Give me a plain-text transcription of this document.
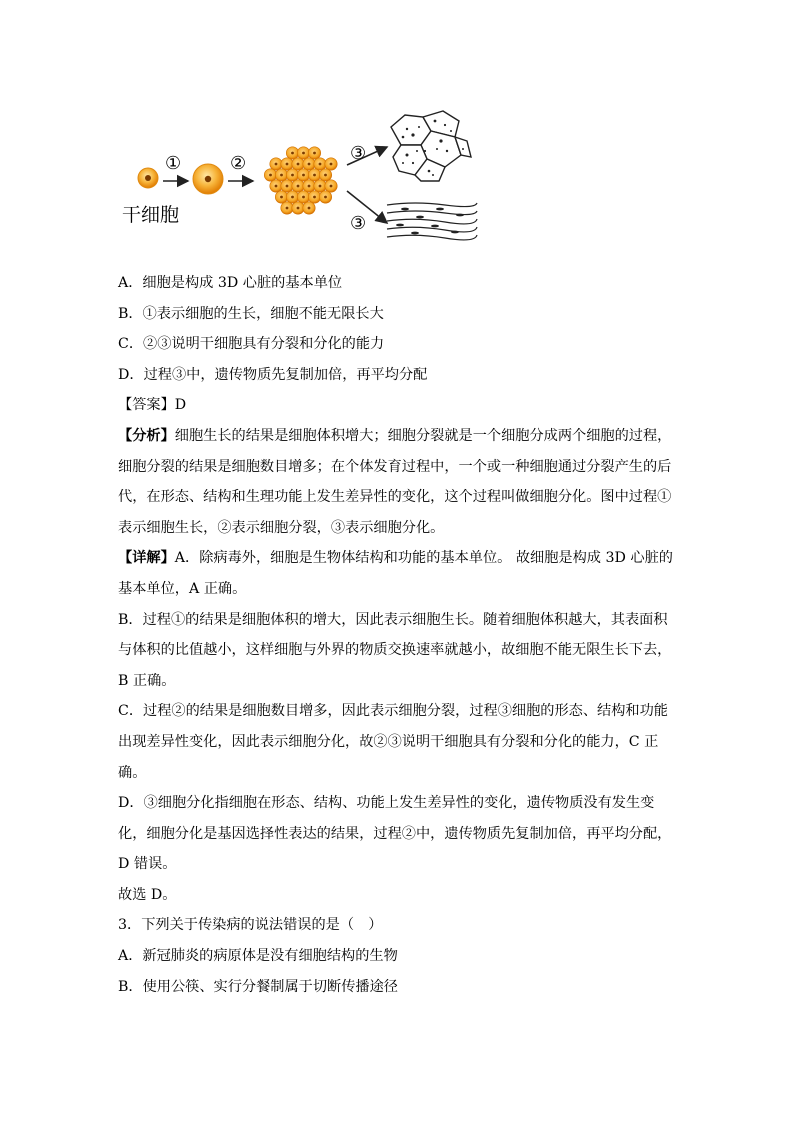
①	②	③
③
干细胞
A．细胞是构成 3D 心脏的基本单位
B．①表示细胞的生长，细胞不能无限长大
C．②③说明干细胞具有分裂和分化的能力
D．过程③中，遗传物质先复制加倍，再平均分配
【答案】D
【分析】细胞生长的结果是细胞体积增大；细胞分裂就是一个细胞分成两个细胞的过程，
细胞分裂的结果是细胞数目增多；在个体发育过程中，一个或一种细胞通过分裂产生的后
代，在形态、结构和生理功能上发生差异性的变化，这个过程叫做细胞分化。图中过程①
表示细胞生长，②表示细胞分裂，③表示细胞分化。
【详解】A．除病毒外，细胞是生物体结构和功能的基本单位。 故细胞是构成 3D 心脏的
基本单位，A 正确。
B．过程①的结果是细胞体积的增大，因此表示细胞生长。随着细胞体积越大，其表面积
与体积的比值越小，这样细胞与外界的物质交换速率就越小，故细胞不能无限生长下去，
B 正确。
C．过程②的结果是细胞数目增多，因此表示细胞分裂，过程③细胞的形态、结构和功能
出现差异性变化，因此表示细胞分化，故②③说明干细胞具有分裂和分化的能力，C 正
确。
D．③细胞分化指细胞在形态、结构、功能上发生差异性的变化，遗传物质没有发生变
化，细胞分化是基因选择性表达的结果，过程②中，遗传物质先复制加倍，再平均分配，
D 错误。
故选 D。
3．下列关于传染病的说法错误的是（　）
A．新冠肺炎的病原体是没有细胞结构的生物
B．使用公筷、实行分餐制属于切断传播途径
